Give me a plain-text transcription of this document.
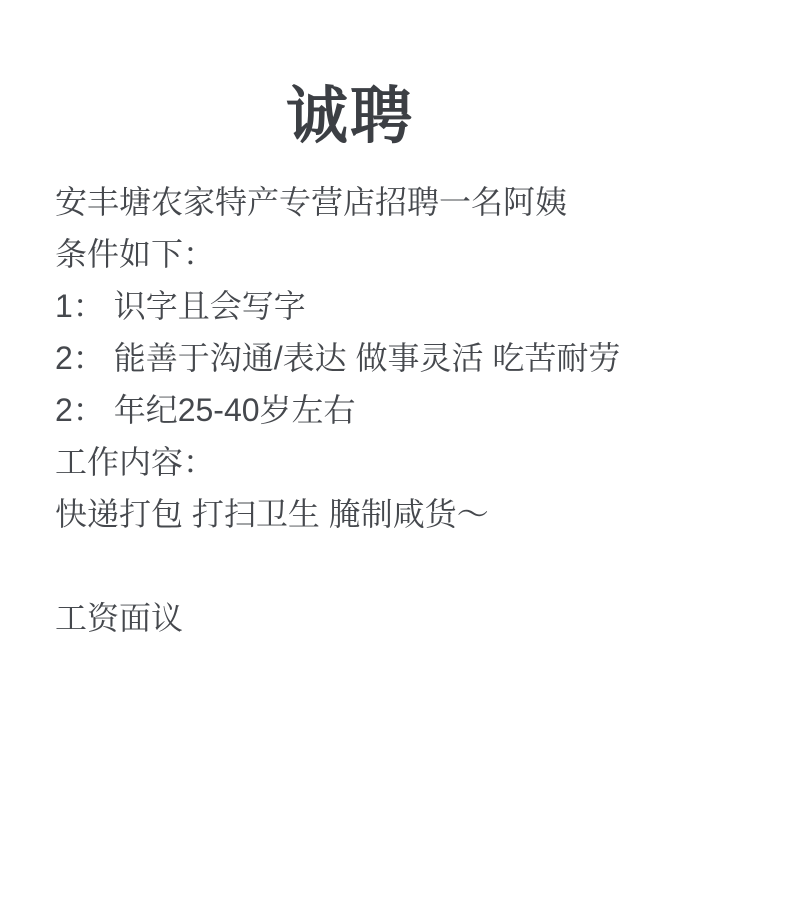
诚聘
安丰塘农家特产专营店招聘一名阿姨
条件如下：
1： 识字且会写字
2： 能善于沟通/表达 做事灵活 吃苦耐劳
2： 年纪25-40岁左右
工作内容：
快递打包 打扫卫生 腌制咸货～
工资面议
